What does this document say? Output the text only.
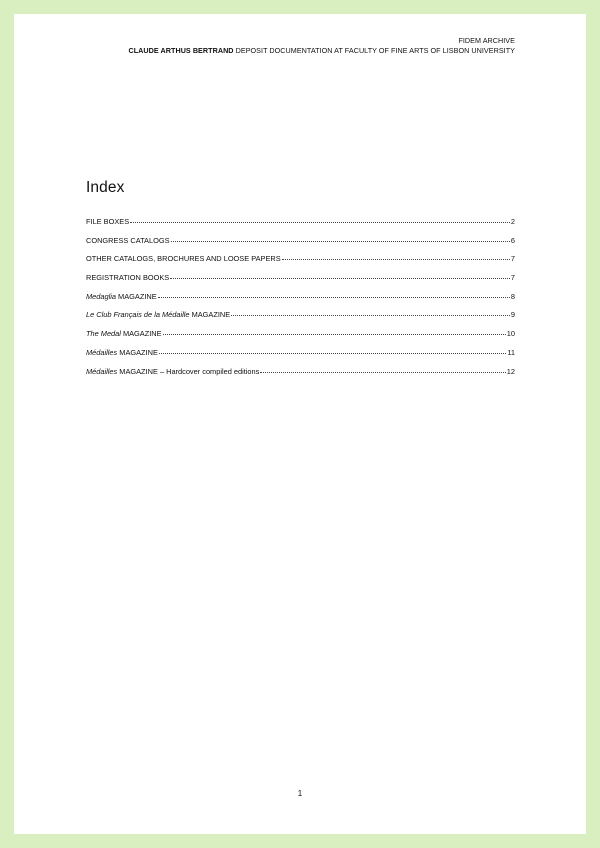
FIDEM ARCHIVE
CLAUDE ARTHUS BERTRAND DEPOSIT DOCUMENTATION AT FACULTY OF FINE ARTS OF LISBON UNIVERSITY
Index
FILE BOXES	2
CONGRESS CATALOGS	6
OTHER CATALOGS, BROCHURES AND LOOSE PAPERS	7
REGISTRATION BOOKS	7
Medaglia MAGAZINE	8
Le Club Français de la Médaille MAGAZINE	9
The Medal MAGAZINE	10
Médailles MAGAZINE	11
Médailles MAGAZINE – Hardcover compiled editions	12
1
